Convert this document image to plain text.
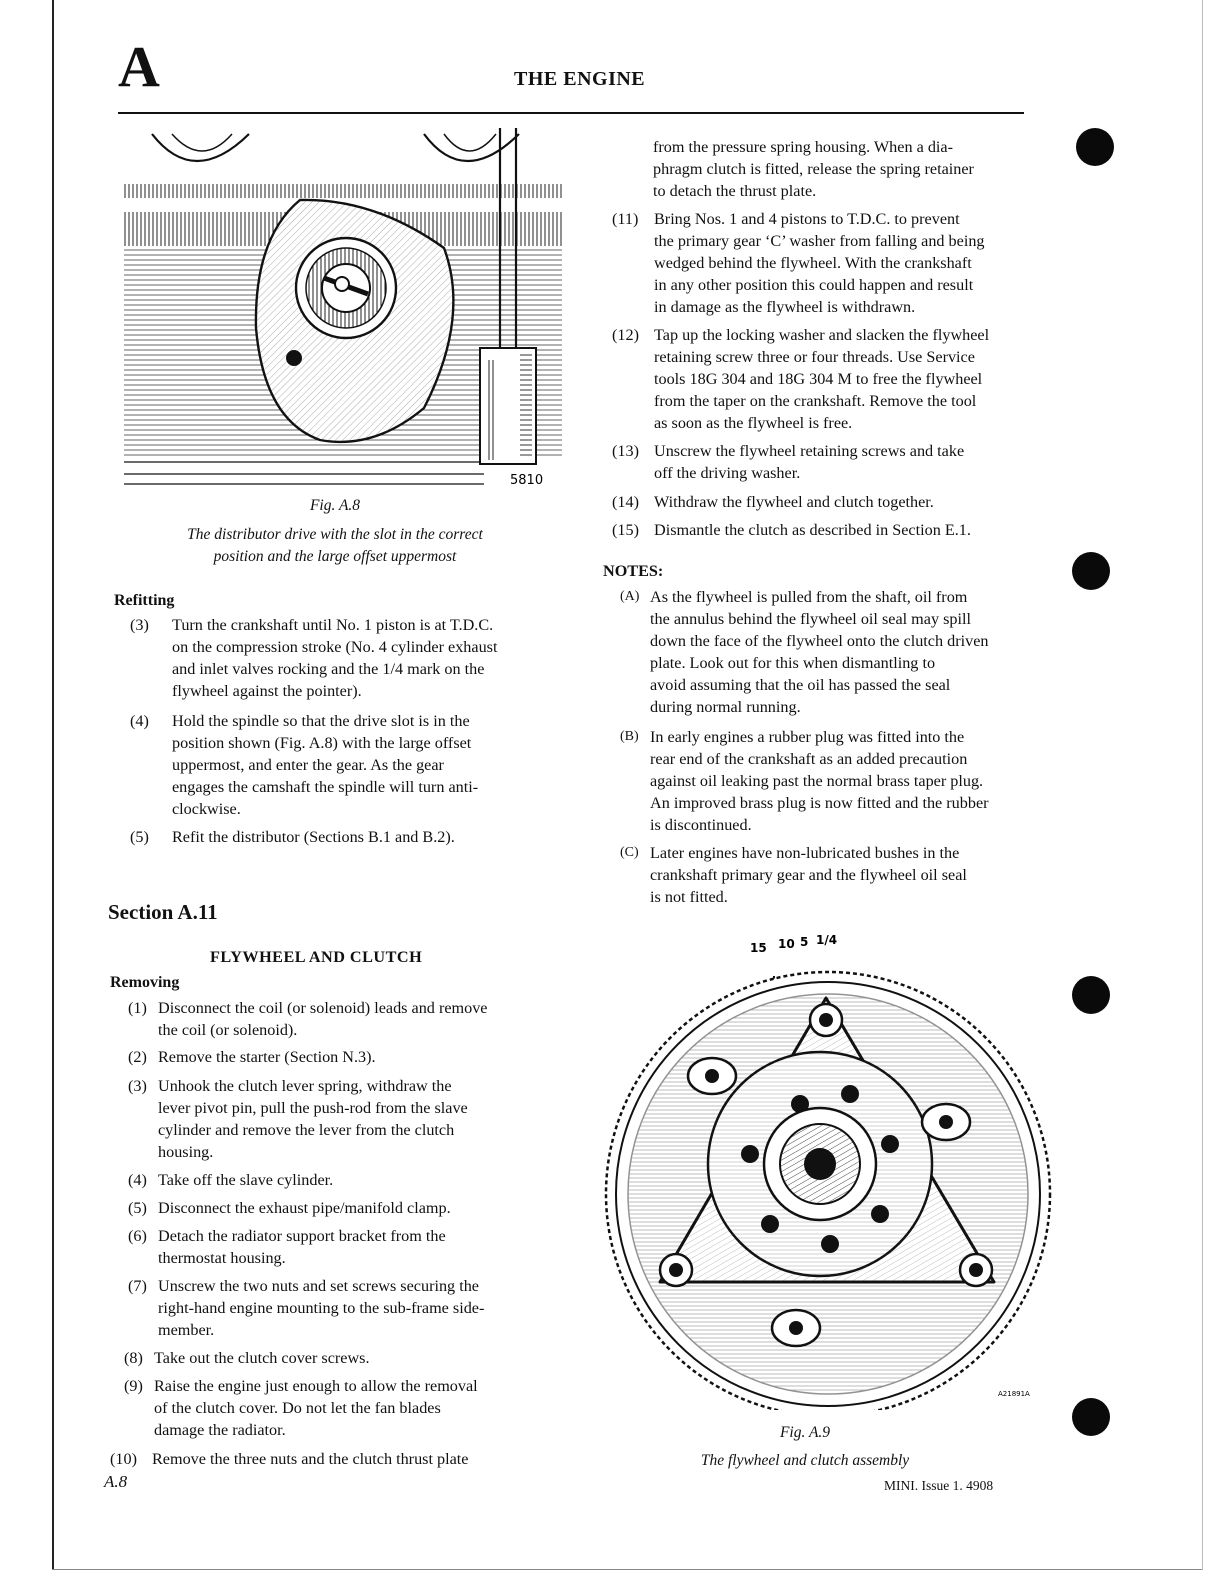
A	THE ENGINE
5810
Fig. A.8
The distributor drive with the slot in the correct
position and the large offset uppermost
Refitting
(3) Turn the crankshaft until No. 1 piston is at T.D.C.
on the compression stroke (No. 4 cylinder exhaust
and inlet valves rocking and the 1/4 mark on the
flywheel against the pointer).
(4) Hold the spindle so that the drive slot is in the
position shown (Fig. A.8) with the large offset
uppermost, and enter the gear. As the gear
engages the camshaft the spindle will turn anti-
clockwise.
(5) Refit the distributor (Sections B.1 and B.2).
Section A.11
FLYWHEEL AND CLUTCH
Removing
(1) Disconnect the coil (or solenoid) leads and remove
the coil (or solenoid).
(2) Remove the starter (Section N.3).
(3) Unhook the clutch lever spring, withdraw the
lever pivot pin, pull the push-rod from the slave
cylinder and remove the lever from the clutch
housing.
(4) Take off the slave cylinder.
(5) Disconnect the exhaust pipe/manifold clamp.
(6) Detach the radiator support bracket from the
thermostat housing.
(7) Unscrew the two nuts and set screws securing the
right-hand engine mounting to the sub-frame side-
member.
(8) Take out the clutch cover screws.
(9) Raise the engine just enough to allow the removal
of the clutch cover. Do not let the fan blades
damage the radiator.
(10) Remove the three nuts and the clutch thrust plate
from the pressure spring housing. When a dia-
phragm clutch is fitted, release the spring retainer
to detach the thrust plate.
(11) Bring Nos. 1 and 4 pistons to T.D.C. to prevent
the primary gear ‘C’ washer from falling and being
wedged behind the flywheel. With the crankshaft
in any other position this could happen and result
in damage as the flywheel is withdrawn.
(12) Tap up the locking washer and slacken the flywheel
retaining screw three or four threads. Use Service
tools 18G 304 and 18G 304 M to free the flywheel
from the taper on the crankshaft. Remove the tool
as soon as the flywheel is free.
(13) Unscrew the flywheel retaining screws and take
off the driving washer.
(14) Withdraw the flywheel and clutch together.
(15) Dismantle the clutch as described in Section E.1.
NOTES:
(A) As the flywheel is pulled from the shaft, oil from
the annulus behind the flywheel oil seal may spill
down the face of the flywheel onto the clutch driven
plate. Look out for this when dismantling to
avoid assuming that the oil has passed the seal
during normal running.
(B) In early engines a rubber plug was fitted into the
rear end of the crankshaft as an added precaution
against oil leaking past the normal brass taper plug.
An improved brass plug is now fitted and the rubber
is discontinued.
(C) Later engines have non-lubricated bushes in the
crankshaft primary gear and the flywheel oil seal
is not fitted.
15 10 5 1/4
A21891A
Fig. A.9
The flywheel and clutch assembly
A.8	MINI. Issue 1. 4908
